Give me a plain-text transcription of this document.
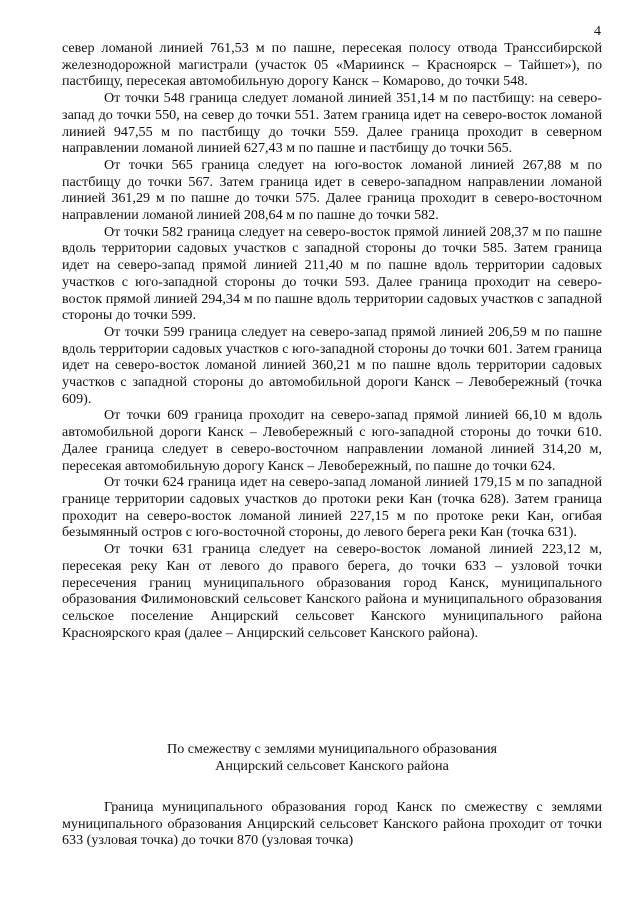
4

север ломаной линией 761,53 м по пашне, пересекая полосу отвода Транссибирской железнодорожной магистрали (участок 05 «Мариинск – Красноярск – Тайшет»), по пастбищу, пересекая автомобильную дорогу Канск – Комарово, до точки 548.

От точки 548 граница следует ломаной линией 351,14 м по пастбищу: на северо-запад до точки 550, на север до точки 551. Затем граница идет на северо-восток ломаной линией 947,55 м по пастбищу до точки 559. Далее граница проходит в северном направлении ломаной линией 627,43 м по пашне и пастбищу до точки 565.

От точки 565 граница следует на юго-восток ломаной линией 267,88 м по пастбищу до точки 567. Затем граница идет в северо-западном направлении ломаной линией 361,29 м по пашне до точки 575. Далее граница проходит в северо-восточном направлении ломаной линией 208,64 м по пашне до точки 582.

От точки 582 граница следует на северо-восток прямой линией 208,37 м по пашне вдоль территории садовых участков с западной стороны до точки 585. Затем граница идет на северо-запад прямой линией 211,40 м по пашне вдоль территории садовых участков с юго-западной стороны до точки 593. Далее граница проходит на северо-восток прямой линией 294,34 м по пашне вдоль территории садовых участков с западной стороны до точки 599.

От точки 599 граница следует на северо-запад прямой линией 206,59 м по пашне вдоль территории садовых участков с юго-западной стороны до точки 601. Затем граница идет на северо-восток ломаной линией 360,21 м по пашне вдоль территории садовых участков с западной стороны до автомобильной дороги Канск – Левобережный (точка 609).

От точки 609 граница проходит на северо-запад прямой линией 66,10 м вдоль автомобильной дороги Канск – Левобережный с юго-западной стороны до точки 610. Далее граница следует в северо-восточном направлении ломаной линией 314,20 м, пересекая автомобильную дорогу Канск – Левобережный, по пашне до точки 624.

От точки 624 граница идет на северо-запад ломаной линией 179,15 м по западной границе территории садовых участков до протоки реки Кан (точка 628). Затем граница проходит на северо-восток ломаной линией 227,15 м по протоке реки Кан, огибая безымянный остров с юго-восточной стороны, до левого берега реки Кан (точка 631).

От точки 631 граница следует на северо-восток ломаной линией 223,12 м, пересекая реку Кан от левого до правого берега, до точки 633 – узловой точки пересечения границ муниципального образования город Канск, муниципального образования Филимоновский сельсовет Канского района и муниципального образования сельское поселение Анцирский сельсовет Канского муниципального района Красноярского края (далее – Анцирский сельсовет Канского района).

По смежеству с землями муниципального образования
Анцирский сельсовет Канского района

Граница муниципального образования город Канск по смежеству с землями муниципального образования Анцирский сельсовет Канского района проходит от точки 633 (узловая точка) до точки 870 (узловая точка)
